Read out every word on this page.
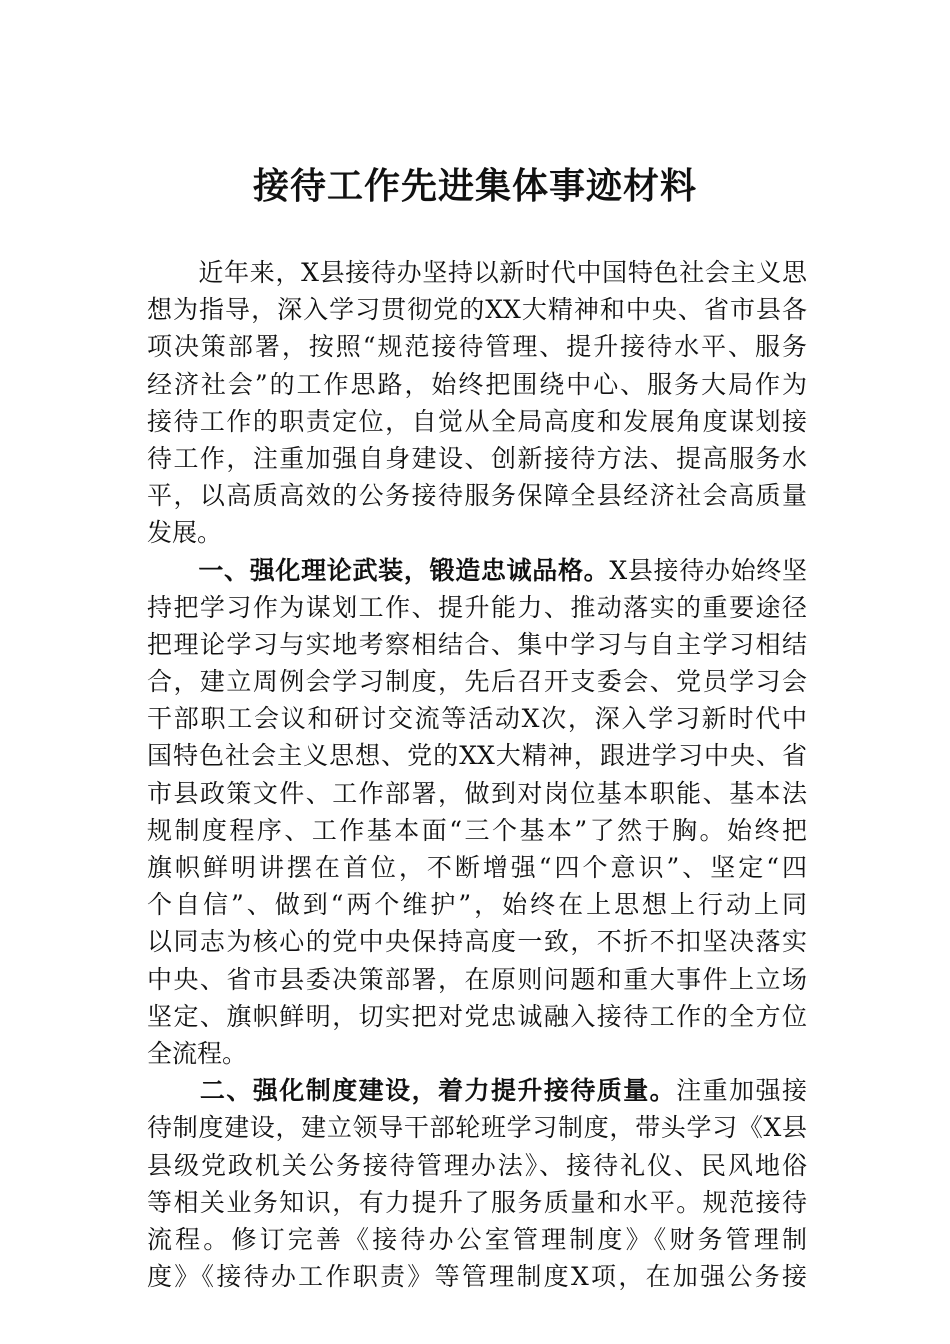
接待工作先进集体事迹材料
　　近年来，X县接待办坚持以新时代中国特色社会主义思
想为指导，深入学习贯彻党的XX大精神和中央、省市县各
项决策部署，按照“规范接待管理、提升接待水平、服务
经济社会”的工作思路，始终把围绕中心、服务大局作为
接待工作的职责定位，自觉从全局高度和发展角度谋划接
待工作，注重加强自身建设、创新接待方法、提高服务水
平，以高质高效的公务接待服务保障全县经济社会高质量
发展。
　　一、强化理论武装，锻造忠诚品格。X县接待办始终坚
持把学习作为谋划工作、提升能力、推动落实的重要途径
把理论学习与实地考察相结合、集中学习与自主学习相结
合，建立周例会学习制度，先后召开支委会、党员学习会
干部职工会议和研讨交流等活动X次，深入学习新时代中
国特色社会主义思想、党的XX大精神，跟进学习中央、省
市县政策文件、工作部署，做到对岗位基本职能、基本法
规制度程序、工作基本面“三个基本”了然于胸。始终把
旗帜鲜明讲摆在首位，不断增强“四个意识”、坚定“四
个自信”、做到“两个维护”，始终在上思想上行动上同
以同志为核心的党中央保持高度一致，不折不扣坚决落实
中央、省市县委决策部署，在原则问题和重大事件上立场
坚定、旗帜鲜明，切实把对党忠诚融入接待工作的全方位
全流程。
　　二、强化制度建设，着力提升接待质量。注重加强接
待制度建设，建立领导干部轮班学习制度，带头学习《X县
县级党政机关公务接待管理办法》、接待礼仪、民风地俗
等相关业务知识，有力提升了服务质量和水平。规范接待
流程。修订完善《接待办公室管理制度》《财务管理制
度》《接待办工作职责》等管理制度X项，在加强公务接
